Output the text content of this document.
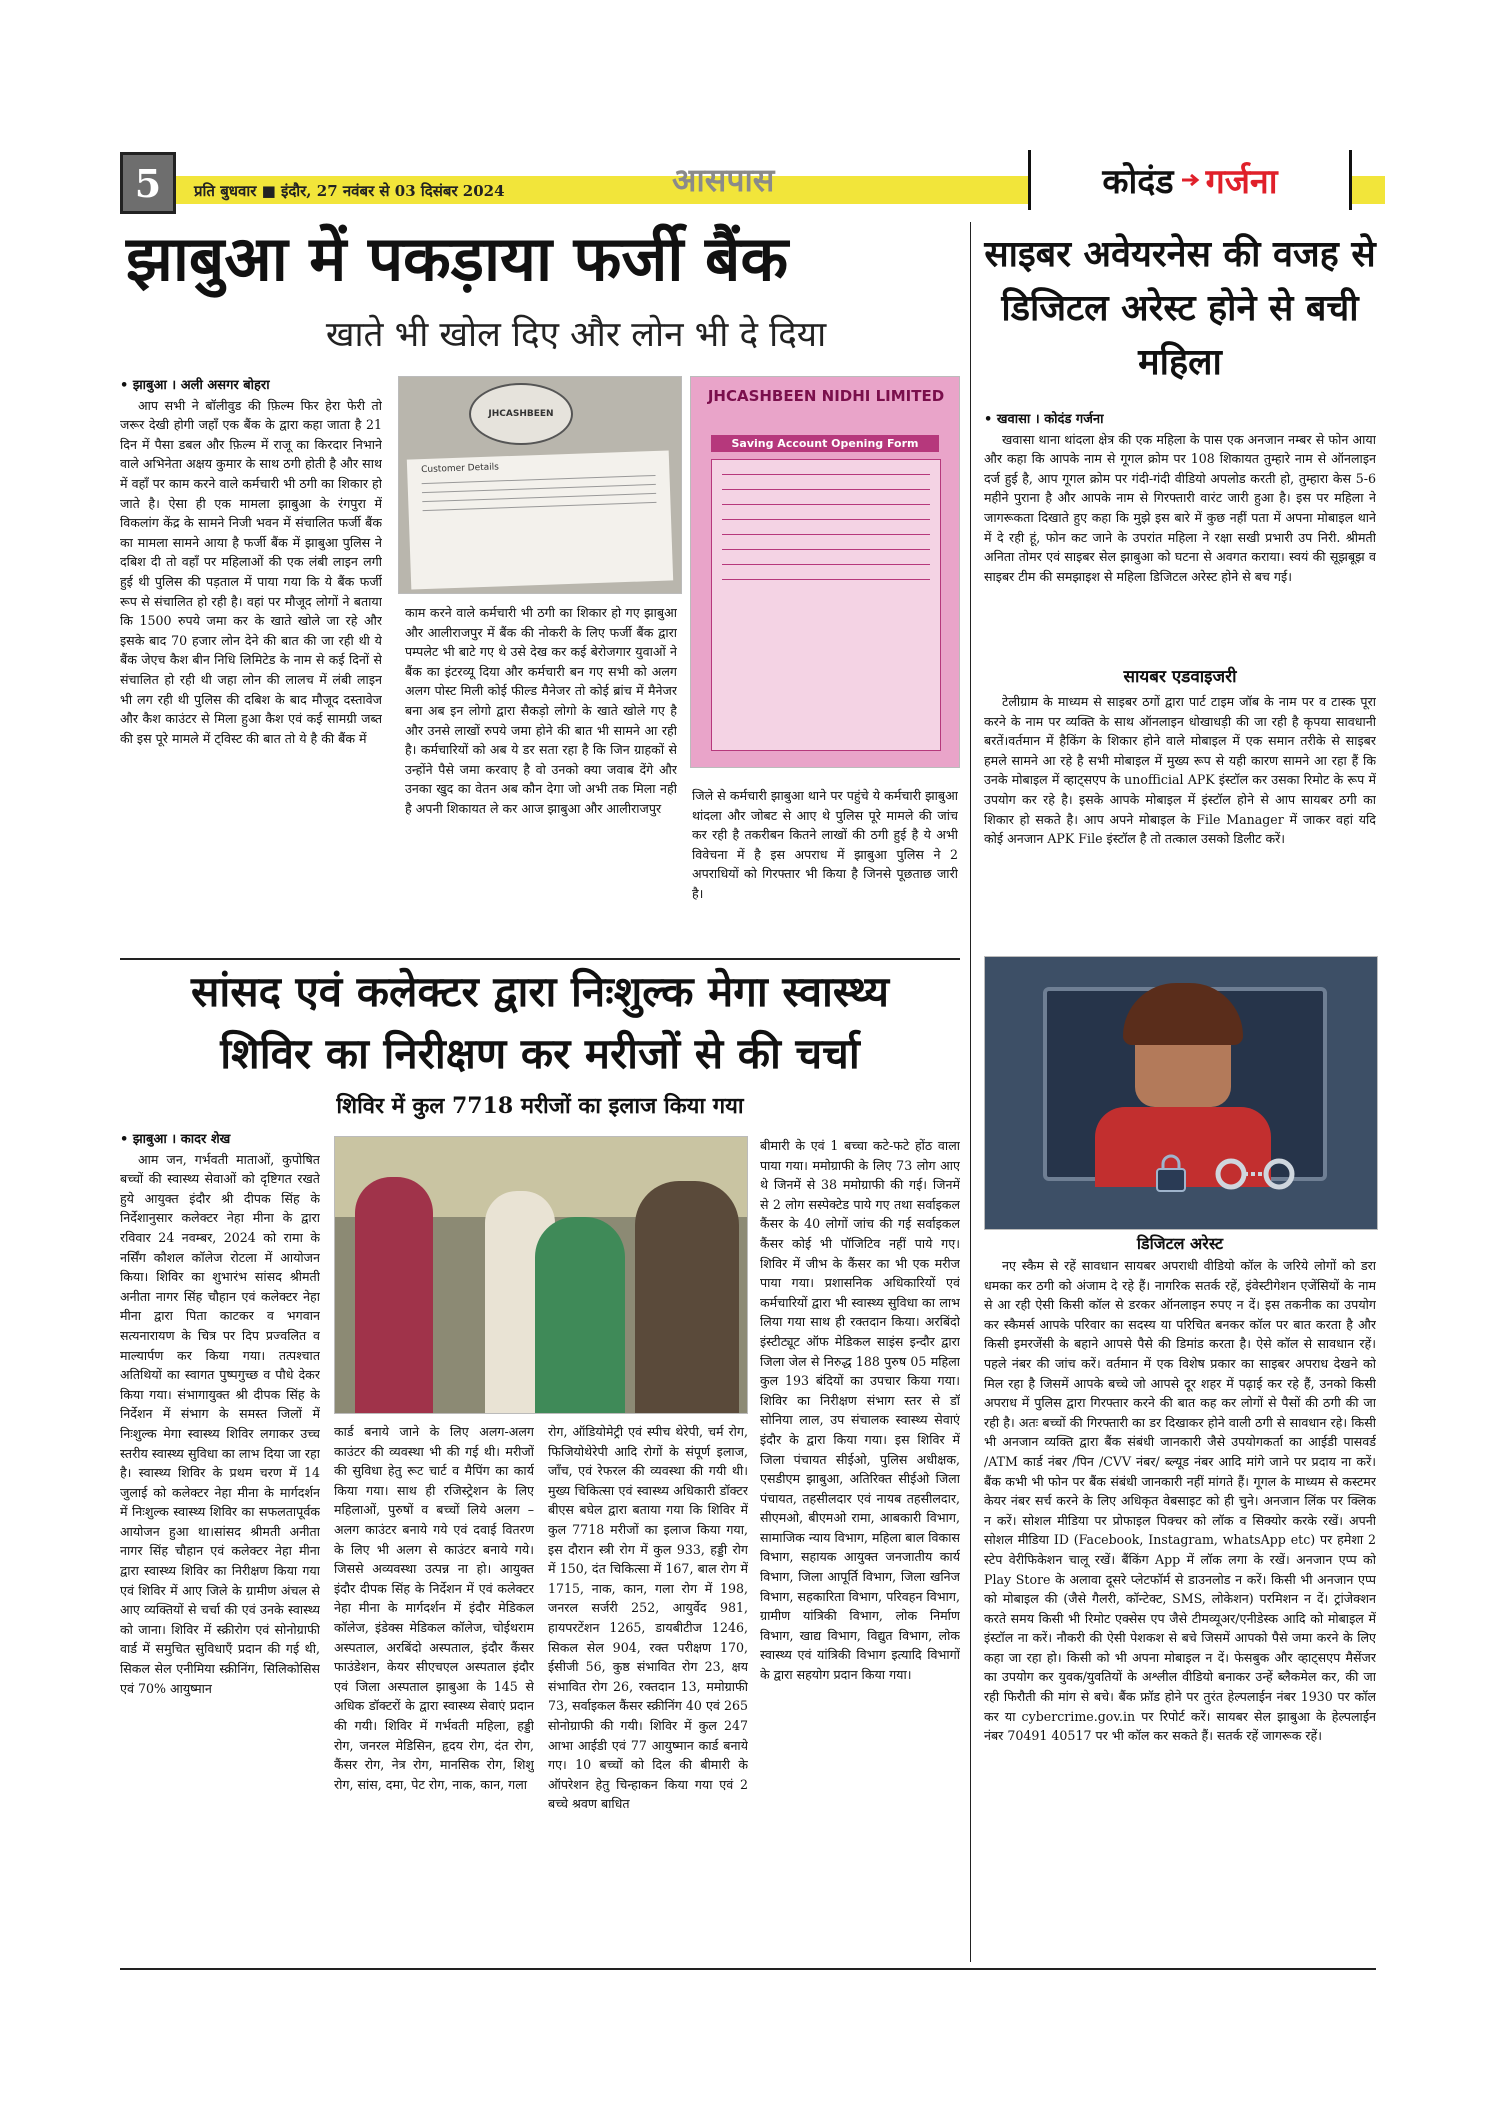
5 प्रति बुधवार ■ इंदौर, 27 नवंबर से 03 दिसंबर 2024	आसपास	कोदंड गर्जना
झाबुआ में पकड़ाया फर्जी बैंक
खाते भी खोल दिए और लोन भी दे दिया
• झाबुआ । अली असगर बोहरा

आप सभी ने बॉलीवुड की फ़िल्म फिर हेरा फेरी तो जरूर देखी होगी जहाँ एक बैंक के द्वारा कहा जाता है 21 दिन में पैसा डबल और फ़िल्म में राजू का किरदार निभाने वाले अभिनेता अक्षय कुमार के साथ ठगी होती है और साथ में वहाँ पर काम करने वाले कर्मचारी भी ठगी का शिकार हो जाते है। ऐसा ही एक मामला झाबुआ के रंगपुरा में विकलांग केंद्र के सामने निजी भवन में संचालित फर्जी बैंक का मामला सामने आया है फर्जी बैंक में झाबुआ पुलिस ने दबिश दी तो वहाँ पर महिलाओं की एक लंबी लाइन लगी हुई थी पुलिस की पड़ताल में पाया गया कि ये बैंक फर्जी रूप से संचालित हो रही है। वहां पर मौजूद लोगों ने बताया कि 1500 रुपये जमा कर के खाते खोले जा रहे और इसके बाद 70 हजार लोन देने की बात की जा रही थी ये बैंक जेएच कैश बीन निधि लिमिटेड के नाम से कई दिनों से संचालित हो रही थी जहा लोन की लालच में लंबी लाइन भी लग रही थी पुलिस की दबिश के बाद मौजूद दस्तावेज और कैश काउंटर से मिला हुआ कैश एवं कई सामग्री जब्त की इस पूरे मामले में ट्विस्ट की बात तो ये है की बैंक में

JHCASHBEEN
Customer Details
JHCASHBEEN NIDHI LIMITED
Saving Account Opening Form

काम करने वाले कर्मचारी भी ठगी का शिकार हो गए झाबुआ और आलीराजपुर में बैंक की नोकरी के लिए फर्जी बैंक द्वारा पम्पलेट भी बाटे गए थे उसे देख कर कई बेरोजगार युवाओं ने बैंक का इंटरव्यू दिया और कर्मचारी बन गए सभी को अलग अलग पोस्ट मिली कोई फील्ड मैनेजर तो कोई ब्रांच में मैनेजर बना अब इन लोगो द्वारा सैकड़ो लोगो के खाते खोले गए है और उनसे लाखों रुपये जमा होने की बात भी सामने आ रही है। कर्मचारियों को अब ये डर सता रहा है कि जिन ग्राहकों से उन्होंने पैसे जमा करवाए है वो उनको क्या जवाब देंगे और उनका खुद का वेतन अब कौन देगा जो अभी तक मिला नही है अपनी शिकायत ले कर आज झाबुआ और आलीराजपुर

जिले से कर्मचारी झाबुआ थाने पर पहुंचे ये कर्मचारी झाबुआ थांदला और जोबट से आए थे पुलिस पूरे मामले की जांच कर रही है तकरीबन कितने लाखों की ठगी हुई है ये अभी विवेचना में है इस अपराध में झाबुआ पुलिस ने 2 अपराधियों को गिरफ्तार भी किया है जिनसे पूछताछ जारी है।

साइबर अवेयरनेस की वजह से डिजिटल अरेस्ट होने से बची महिला
• खवासा । कोदंड गर्जना

खवासा थाना थांदला क्षेत्र की एक महिला के पास एक अनजान नम्बर से फोन आया और कहा कि आपके नाम से गूगल क्रोम पर 108 शिकायत तुम्हारे नाम से ऑनलाइन दर्ज हुई है, आप गूगल क्रोम पर गंदी-गंदी वीडियो अपलोड करती हो, तुम्हारा केस 5-6 महीने पुराना है और आपके नाम से गिरफ्तारी वारंट जारी हुआ है। इस पर महिला ने जागरूकता दिखाते हुए कहा कि मुझे इस बारे में कुछ नहीं पता में अपना मोबाइल थाने में दे रही हूं, फोन कट जाने के उपरांत महिला ने रक्षा सखी प्रभारी उप निरी. श्रीमती अनिता तोमर एवं साइबर सेल झाबुआ को घटना से अवगत कराया। स्वयं की सूझबूझ व साइबर टीम की समझाइश से महिला डिजिटल अरेस्ट होने से बच गई।

सायबर एडवाइजरी

टेलीग्राम के माध्यम से साइबर ठगों द्वारा पार्ट टाइम जॉब के नाम पर व टास्क पूरा करने के नाम पर व्यक्ति के साथ ऑनलाइन धोखाधड़ी की जा रही है कृपया सावधानी बरतें।वर्तमान में हैकिंग के शिकार होने वाले मोबाइल में एक समान तरीके से साइबर हमले सामने आ रहे है सभी मोबाइल में मुख्य रूप से यही कारण सामने आ रहा हैं कि उनके मोबाइल में व्हाट्सएप के unofficial APK इंस्टॉल कर उसका रिमोट के रूप में उपयोग कर रहे है। इसके आपके मोबाइल में इंस्टॉल होने से आप सायबर ठगी का शिकार हो सकते है। आप अपने मोबाइल के File Manager में जाकर वहां यदि कोई अनजान APK File इंस्टॉल है तो तत्काल उसको डिलीट करें।

डिजिटल अरेस्ट

नए स्कैम से रहें सावधान सायबर अपराधी वीडियो कॉल के जरिये लोगों को डरा धमका कर ठगी को अंजाम दे रहे हैं। नागरिक सतर्क रहें, इंवेस्टीगेशन एजेंसियों के नाम से आ रही ऐसी किसी कॉल से डरकर ऑनलाइन रुपए न दें। इस तकनीक का उपयोग कर स्कैमर्स आपके परिवार का सदस्य या परिचित बनकर कॉल पर बात करता है और किसी इमरजेंसी के बहाने आपसे पैसे की डिमांड करता है। ऐसे कॉल से सावधान रहें। पहले नंबर की जांच करें। वर्तमान में एक विशेष प्रकार का साइबर अपराध देखने को मिल रहा है जिसमें आपके बच्चे जो आपसे दूर शहर में पढ़ाई कर रहे हैं, उनको किसी अपराध में पुलिस द्वारा गिरफ्तार करने की बात कह कर लोगों से पैसों की ठगी की जा रही है। अतः बच्चों की गिरफ्तारी का डर दिखाकर होने वाली ठगी से सावधान रहे। किसी भी अनजान व्यक्ति द्वारा बैंक संबंधी जानकारी जैसे उपयोगकर्ता का आईडी पासवर्ड /ATM कार्ड नंबर /पिन /CVV नंबर/ ब्ल्यूड नंबर आदि मांगे जाने पर प्रदाय ना करें। बैंक कभी भी फोन पर बैंक संबंधी जानकारी नहीं मांगते हैं। गूगल के माध्यम से कस्टमर केयर नंबर सर्च करने के लिए अधिकृत वेबसाइट को ही चुने। अनजान लिंक पर क्लिक न करें। सोशल मीडिया पर प्रोफाइल पिक्चर को लॉक व सिक्योर करके रखें। अपनी सोशल मीडिया ID (Facebook, Instagram, whatsApp etc) पर हमेशा 2 स्टेप वेरीफिकेशन चालू रखें। बैंकिंग App में लॉक लगा के रखें। अनजान एप्प को Play Store के अलावा दूसरे प्लेटफॉर्म से डाउनलोड न करें। किसी भी अनजान एप्प को मोबाइल की (जैसे गैलरी, कॉन्टेक्ट, SMS, लोकेशन) परमिशन न दें। ट्रांजेक्शन करते समय किसी भी रिमोट एक्सेस एप जैसे टीमव्यूअर/एनीडेस्क आदि को मोबाइल में इंस्टॉल ना करें। नौकरी की ऐसी पेशकश से बचे जिसमें आपको पैसे जमा करने के लिए कहा जा रहा हो। किसी को भी अपना मोबाइल न दें। फेसबुक और व्हाट्सएप मैसेंजर का उपयोग कर युवक/युवतियों के अश्लील वीडियो बनाकर उन्हें ब्लैकमेल कर, की जा रही फिरौती की मांग से बचे। बैंक फ्रॉड होने पर तुरंत हेल्पलाईन नंबर 1930 पर कॉल कर या cybercrime.gov.in पर रिपोर्ट करें। सायबर सेल झाबुआ के हेल्पलाईन नंबर 70491 40517 पर भी कॉल कर सकते हैं। सतर्क रहें जागरूक रहें।

सांसद एवं कलेक्टर द्वारा निःशुल्क मेगा स्वास्थ्य
शिविर का निरीक्षण कर मरीजों से की चर्चा
शिविर में कुल 7718 मरीजों का इलाज किया गया
• झाबुआ । कादर शेख

आम जन, गर्भवती माताओं, कुपोषित बच्चों की स्वास्थ्य सेवाओं को दृष्टिगत रखते हुये आयुक्त इंदौर श्री दीपक सिंह के निर्देशानुसार कलेक्टर नेहा मीना के द्वारा रविवार 24 नवम्बर, 2024 को रामा के नर्सिंग कौशल कॉलेज रोटला में आयोजन किया। शिविर का शुभारंभ सांसद श्रीमती अनीता नागर सिंह चौहान एवं कलेक्टर नेहा मीना द्वारा पिता काटकर व भगवान सत्यनारायण के चित्र पर दिप प्रज्वलित व माल्यार्पण कर किया गया। तत्पश्चात अतिथियों का स्वागत पुष्पगुच्छ व पौधे देकर किया गया। संभागायुक्त श्री दीपक सिंह के निर्देशन में संभाग के समस्त जिलों में निःशुल्क मेगा स्वास्थ्य शिविर लगाकर उच्च स्तरीय स्वास्थ्य सुविधा का लाभ दिया जा रहा है। स्वास्थ्य शिविर के प्रथम चरण में 14 जुलाई को कलेक्टर नेहा मीना के मार्गदर्शन में निःशुल्क स्वास्थ्य शिविर का सफलतापूर्वक आयोजन हुआ था।सांसद श्रीमती अनीता नागर सिंह चौहान एवं कलेक्टर नेहा मीना द्वारा स्वास्थ्य शिविर का निरीक्षण किया गया एवं शिविर में आए जिले के ग्रामीण अंचल से आए व्यक्तियों से चर्चा की एवं उनके स्वास्थ्य को जाना। शिविर में स्क्रीरोग एवं सोनोग्राफी वार्ड में समुचित सुविधाएँ प्रदान की गई थी, सिकल सेल एनीमिया स्क्रीनिंग, सिलिकोसिस एवं 70% आयुष्मान

कार्ड बनाये जाने के लिए अलग-अलग काउंटर की व्यवस्था भी की गई थी। मरीजों की सुविधा हेतु रूट चार्ट व मैपिंग का कार्य किया गया। साथ ही रजिस्ट्रेशन के लिए महिलाओं, पुरुषों व बच्चों लिये अलग – अलग काउंटर बनाये गये एवं दवाई वितरण के लिए भी अलग से काउंटर बनाये गये। जिससे अव्यवस्था उत्पन्न ना हो। आयुक्त इंदौर दीपक सिंह के निर्देशन में एवं कलेक्टर नेहा मीना के मार्गदर्शन में इंदौर मेडिकल कॉलेज, इंडेक्स मेडिकल कॉलेज, चोईथराम अस्पताल, अरबिंदो अस्पताल, इंदौर कैंसर फाउंडेशन, केयर सीएचएल अस्पताल इंदौर एवं जिला अस्पताल झाबुआ के 145 से अधिक डॉक्टरों के द्वारा स्वास्थ्य सेवाएं प्रदान की गयी। शिविर में गर्भवती महिला, हड्डी रोग, जनरल मेडिसिन, हृदय रोग, दंत रोग, कैंसर रोग, नेत्र रोग, मानसिक रोग, शिशु रोग, सांस, दमा, पेट रोग, नाक, कान, गला

रोग, ऑडियोमेट्री एवं स्पीच थेरेपी, चर्म रोग, फिजियोथेरेपी आदि रोगों के संपूर्ण इलाज, जाँच, एवं रेफरल की व्यवस्था की गयी थी। मुख्य चिकित्सा एवं स्वास्थ्य अधिकारी डॉक्टर बीएस बघेल द्वारा बताया गया कि शिविर में कुल 7718 मरीजों का इलाज किया गया, इस दौरान स्त्री रोग में कुल 933, हड्डी रोग में 150, दंत चिकित्सा में 167, बाल रोग में 1715, नाक, कान, गला रोग में 198, जनरल सर्जरी 252, आयुर्वेद 981, हायपरटेंशन 1265, डायबीटीज 1246, सिकल सेल 904, रक्त परीक्षण 170, ईसीजी 56, कुष्ठ संभावित रोग 23, क्षय संभावित रोग 26, रक्तदान 13, ममोग्राफी 73, सर्वाइकल कैंसर स्क्रीनिंग 40 एवं 265 सोनोग्राफी की गयी। शिविर में कुल 247 आभा आईडी एवं 77 आयुष्मान कार्ड बनाये गए। 10 बच्चों को दिल की बीमारी के ऑपरेशन हेतु चिन्हाकन किया गया एवं 2 बच्चे श्रवण बाधित

बीमारी के एवं 1 बच्चा कटे-फटे होंठ वाला पाया गया। ममोग्राफी के लिए 73 लोग आए थे जिनमें से 38 ममोग्राफी की गई। जिनमें से 2 लोग सस्पेक्टेड पाये गए तथा सर्वाइकल कैंसर के 40 लोगों जांच की गई सर्वाइकल कैंसर कोई भी पॉजिटिव नहीं पाये गए। शिविर में जीभ के कैंसर का भी एक मरीज पाया गया। प्रशासनिक अधिकारियों एवं कर्मचारियों द्वारा भी स्वास्थ्य सुविधा का लाभ लिया गया साथ ही रक्तदान किया। अरबिंदो इंस्टीट्यूट ऑफ मेडिकल साइंस इन्दौर द्वारा जिला जेल से निरुद्ध 188 पुरुष 05 महिला कुल 193 बंदियों का उपचार किया गया। शिविर का निरीक्षण संभाग स्तर से डॉ सोनिया लाल, उप संचालक स्वास्थ्य सेवाएं इंदौर के द्वारा किया गया। इस शिविर में जिला पंचायत सीईओ, पुलिस अधीक्षक, एसडीएम झाबुआ, अतिरिक्त सीईओ जिला पंचायत, तहसीलदार एवं नायब तहसीलदार, सीएमओ, बीएमओ रामा, आबकारी विभाग, सामाजिक न्याय विभाग, महिला बाल विकास विभाग, सहायक आयुक्त जनजातीय कार्य विभाग, जिला आपूर्ति विभाग, जिला खनिज विभाग, सहकारिता विभाग, परिवहन विभाग, ग्रामीण यांत्रिकी विभाग, लोक निर्माण विभाग, खाद्य विभाग, विद्युत विभाग, लोक स्वास्थ्य एवं यांत्रिकी विभाग इत्यादि विभागों के द्वारा सहयोग प्रदान किया गया।
